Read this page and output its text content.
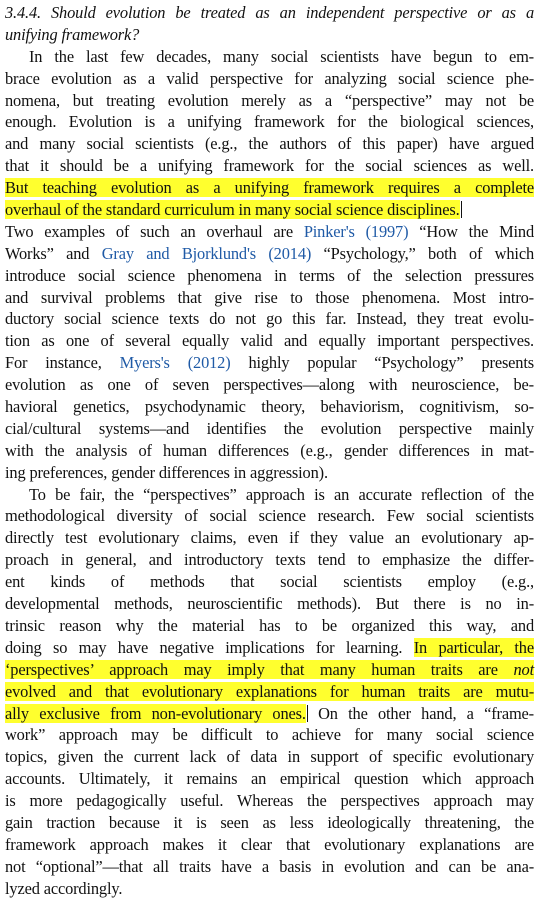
3.4.4. Should evolution be treated as an independent perspective or as a
unifying framework?
In the last few decades, many social scientists have begun to em-
brace evolution as a valid perspective for analyzing social science phe-
nomena, but treating evolution merely as a “perspective” may not be
enough. Evolution is a unifying framework for the biological sciences,
and many social scientists (e.g., the authors of this paper) have argued
that it should be a unifying framework for the social sciences as well.
But teaching evolution as a unifying framework requires a complete
overhaul of the standard curriculum in many social science disciplines.
Two examples of such an overhaul are Pinker's (1997) “How the Mind
Works” and Gray and Bjorklund's (2014) “Psychology,” both of which
introduce social science phenomena in terms of the selection pressures
and survival problems that give rise to those phenomena. Most intro-
ductory social science texts do not go this far. Instead, they treat evolu-
tion as one of several equally valid and equally important perspectives.
For instance, Myers's (2012) highly popular “Psychology” presents
evolution as one of seven perspectives—along with neuroscience, be-
havioral genetics, psychodynamic theory, behaviorism, cognitivism, so-
cial/cultural systems—and identifies the evolution perspective mainly
with the analysis of human differences (e.g., gender differences in mat-
ing preferences, gender differences in aggression).
To be fair, the “perspectives” approach is an accurate reflection of the
methodological diversity of social science research. Few social scientists
directly test evolutionary claims, even if they value an evolutionary ap-
proach in general, and introductory texts tend to emphasize the differ-
ent kinds of methods that social scientists employ (e.g.,
developmental methods, neuroscientific methods). But there is no in-
trinsic reason why the material has to be organized this way, and
doing so may have negative implications for learning. In particular, the
‘perspectives’ approach may imply that many human traits are not
evolved and that evolutionary explanations for human traits are mutu-
ally exclusive from non-evolutionary ones. On the other hand, a “frame-
work” approach may be difficult to achieve for many social science
topics, given the current lack of data in support of specific evolutionary
accounts. Ultimately, it remains an empirical question which approach
is more pedagogically useful. Whereas the perspectives approach may
gain traction because it is seen as less ideologically threatening, the
framework approach makes it clear that evolutionary explanations are
not “optional”—that all traits have a basis in evolution and can be ana-
lyzed accordingly.
